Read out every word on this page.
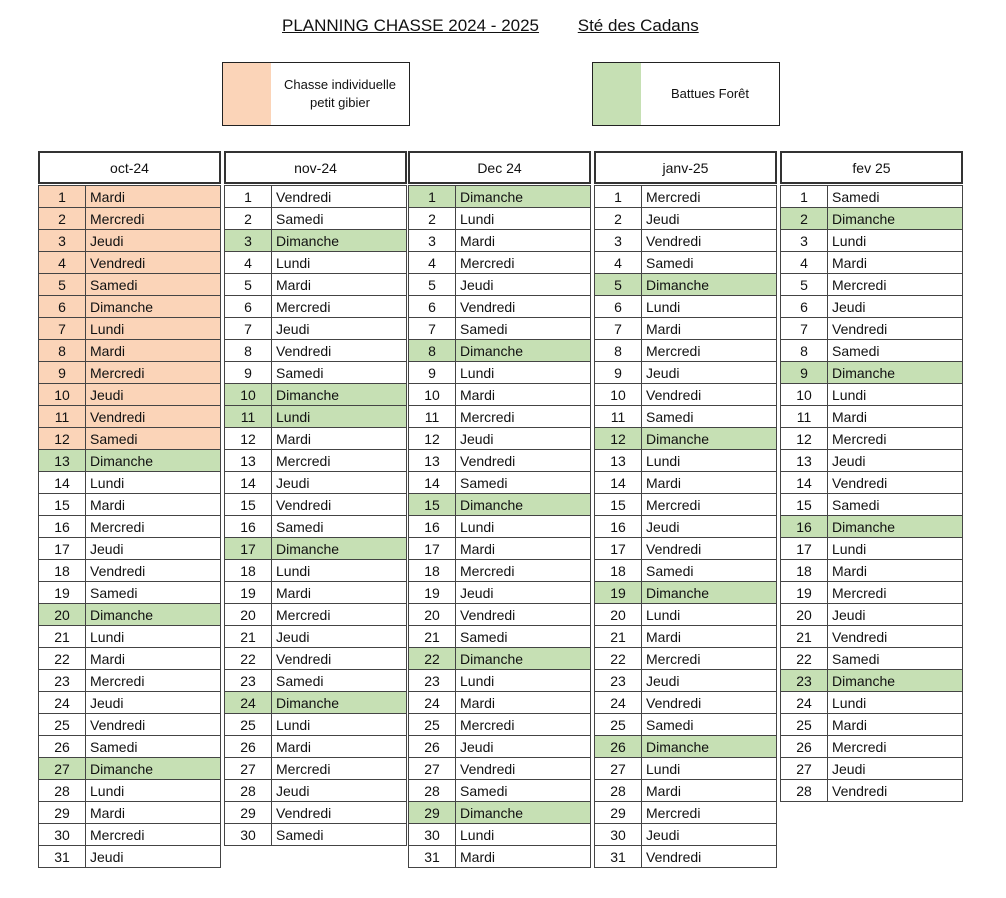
PLANNING CHASSE 2024 - 2025 Sté des Cadans
Chasse individuelle petit gibier
Battues Forêt
oct-24
1	Mardi
2	Mercredi
3	Jeudi
4	Vendredi
5	Samedi
6	Dimanche
7	Lundi
8	Mardi
9	Mercredi
10	Jeudi
11	Vendredi
12	Samedi
13	Dimanche
14	Lundi
15	Mardi
16	Mercredi
17	Jeudi
18	Vendredi
19	Samedi
20	Dimanche
21	Lundi
22	Mardi
23	Mercredi
24	Jeudi
25	Vendredi
26	Samedi
27	Dimanche
28	Lundi
29	Mardi
30	Mercredi
31	Jeudi
nov-24
1	Vendredi
2	Samedi
3	Dimanche
4	Lundi
5	Mardi
6	Mercredi
7	Jeudi
8	Vendredi
9	Samedi
10	Dimanche
11	Lundi
12	Mardi
13	Mercredi
14	Jeudi
15	Vendredi
16	Samedi
17	Dimanche
18	Lundi
19	Mardi
20	Mercredi
21	Jeudi
22	Vendredi
23	Samedi
24	Dimanche
25	Lundi
26	Mardi
27	Mercredi
28	Jeudi
29	Vendredi
30	Samedi
Dec 24
1	Dimanche
2	Lundi
3	Mardi
4	Mercredi
5	Jeudi
6	Vendredi
7	Samedi
8	Dimanche
9	Lundi
10	Mardi
11	Mercredi
12	Jeudi
13	Vendredi
14	Samedi
15	Dimanche
16	Lundi
17	Mardi
18	Mercredi
19	Jeudi
20	Vendredi
21	Samedi
22	Dimanche
23	Lundi
24	Mardi
25	Mercredi
26	Jeudi
27	Vendredi
28	Samedi
29	Dimanche
30	Lundi
31	Mardi
janv-25
1	Mercredi
2	Jeudi
3	Vendredi
4	Samedi
5	Dimanche
6	Lundi
7	Mardi
8	Mercredi
9	Jeudi
10	Vendredi
11	Samedi
12	Dimanche
13	Lundi
14	Mardi
15	Mercredi
16	Jeudi
17	Vendredi
18	Samedi
19	Dimanche
20	Lundi
21	Mardi
22	Mercredi
23	Jeudi
24	Vendredi
25	Samedi
26	Dimanche
27	Lundi
28	Mardi
29	Mercredi
30	Jeudi
31	Vendredi
fev 25
1	Samedi
2	Dimanche
3	Lundi
4	Mardi
5	Mercredi
6	Jeudi
7	Vendredi
8	Samedi
9	Dimanche
10	Lundi
11	Mardi
12	Mercredi
13	Jeudi
14	Vendredi
15	Samedi
16	Dimanche
17	Lundi
18	Mardi
19	Mercredi
20	Jeudi
21	Vendredi
22	Samedi
23	Dimanche
24	Lundi
25	Mardi
26	Mercredi
27	Jeudi
28	Vendredi
